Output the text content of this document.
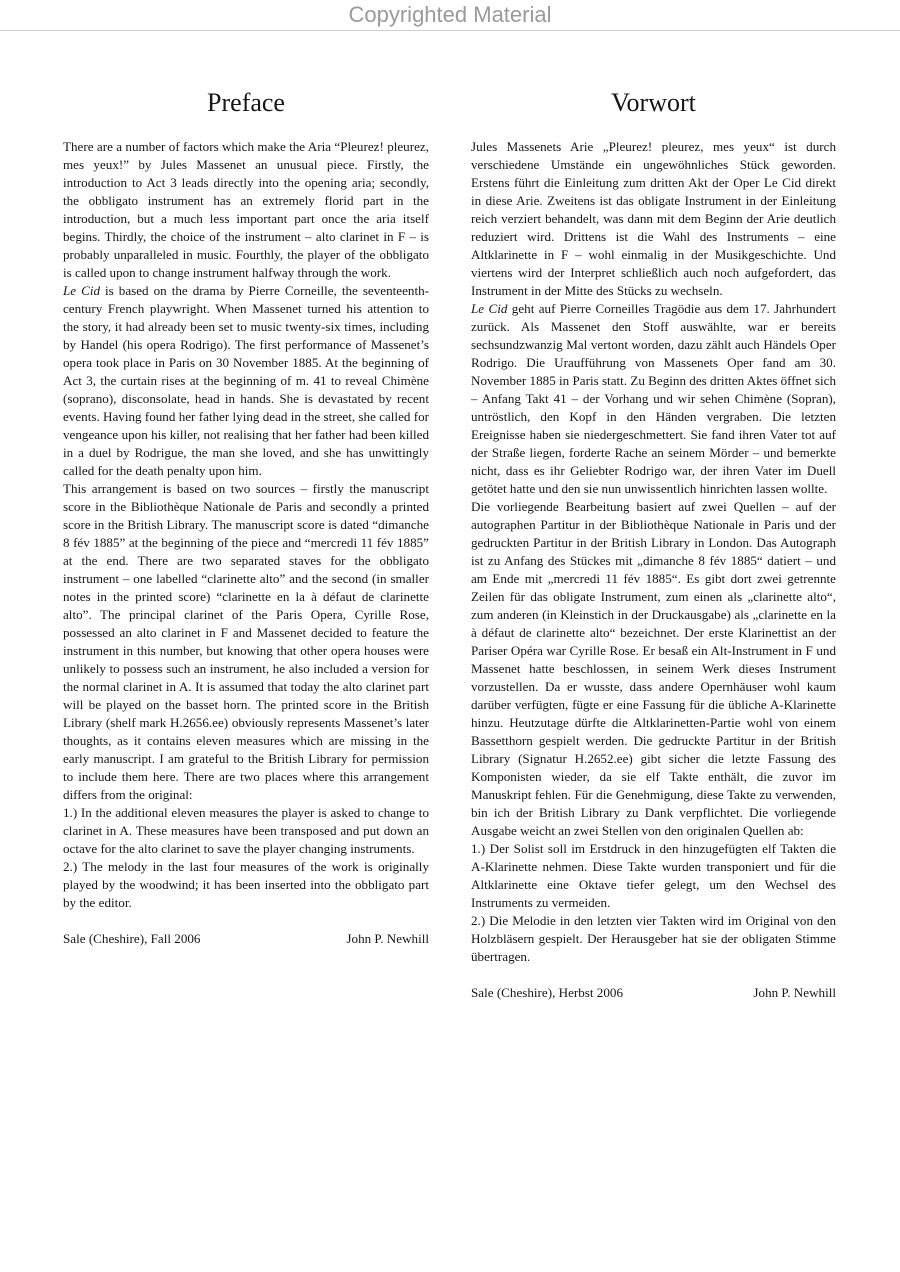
Copyrighted Material
Preface

There are a number of factors which make the Aria “Pleurez! pleurez, mes yeux!” by Jules Massenet an unusual piece. Firstly, the introduction to Act 3 leads directly into the opening aria; secondly, the obbligato instrument has an extremely florid part in the introduction, but a much less important part once the aria itself begins. Thirdly, the choice of the instrument – alto clarinet in F – is probably unparalleled in music. Fourthly, the player of the obbligato is called upon to change instrument halfway through the work.

Le Cid is based on the drama by Pierre Corneille, the seventeenth-century French playwright. When Massenet turned his attention to the story, it had already been set to music twenty-six times, including by Handel (his opera Rodrigo). The first performance of Massenet’s opera took place in Paris on 30 November 1885. At the beginning of Act 3, the curtain rises at the beginning of m. 41 to reveal Chimène (soprano), disconsolate, head in hands. She is devastated by recent events. Having found her father lying dead in the street, she called for vengeance upon his killer, not realising that her father had been killed in a duel by Rodrigue, the man she loved, and she has unwittingly called for the death penalty upon him.

This arrangement is based on two sources – firstly the manuscript score in the Bibliothèque Nationale de Paris and secondly a printed score in the British Library. The manuscript score is dated “dimanche 8 fév 1885” at the beginning of the piece and “mercredi 11 fév 1885” at the end. There are two separated staves for the obbligato instrument – one labelled “clarinette alto” and the second (in smaller notes in the printed score) “clarinette en la à défaut de clarinette alto”. The principal clarinet of the Paris Opera, Cyrille Rose, possessed an alto clarinet in F and Massenet decided to feature the instrument in this number, but knowing that other opera houses were unlikely to possess such an instrument, he also included a version for the normal clarinet in A. It is assumed that today the alto clarinet part will be played on the basset horn. The printed score in the British Library (shelf mark H.2656.ee) obviously represents Massenet’s later thoughts, as it contains eleven measures which are missing in the early manuscript. I am grateful to the British Library for permission to include them here. There are two places where this arrangement differs from the original:

1.) In the additional eleven measures the player is asked to change to clarinet in A. These measures have been transposed and put down an octave for the alto clarinet to save the player changing instruments.

2.) The melody in the last four measures of the work is originally played by the woodwind; it has been inserted into the obbligato part by the editor.

Sale (Cheshire), Fall 2006	John P. Newhill
Vorwort

Jules Massenets Arie „Pleurez! pleurez, mes yeux“ ist durch verschiedene Umstände ein ungewöhnliches Stück geworden. Erstens führt die Einleitung zum dritten Akt der Oper Le Cid direkt in diese Arie. Zweitens ist das obligate Instrument in der Einleitung reich verziert behandelt, was dann mit dem Beginn der Arie deutlich reduziert wird. Drittens ist die Wahl des Instruments – eine Altklarinette in F – wohl einmalig in der Musikgeschichte. Und viertens wird der Interpret schließlich auch noch aufgefordert, das Instrument in der Mitte des Stücks zu wechseln.

Le Cid geht auf Pierre Corneilles Tragödie aus dem 17. Jahrhundert zurück. Als Massenet den Stoff auswählte, war er bereits sechsundzwanzig Mal vertont worden, dazu zählt auch Händels Oper Rodrigo. Die Uraufführung von Massenets Oper fand am 30. November 1885 in Paris statt. Zu Beginn des dritten Aktes öffnet sich – Anfang Takt 41 – der Vorhang und wir sehen Chimène (Sopran), untröstlich, den Kopf in den Händen vergraben. Die letzten Ereignisse haben sie niedergeschmettert. Sie fand ihren Vater tot auf der Straße liegen, forderte Rache an seinem Mörder – und bemerkte nicht, dass es ihr Geliebter Rodrigo war, der ihren Vater im Duell getötet hatte und den sie nun unwissentlich hinrichten lassen wollte.

Die vorliegende Bearbeitung basiert auf zwei Quellen – auf der autographen Partitur in der Bibliothèque Nationale in Paris und der gedruckten Partitur in der British Library in London. Das Autograph ist zu Anfang des Stückes mit „dimanche 8 fév 1885“ datiert – und am Ende mit „mercredi 11 fév 1885“. Es gibt dort zwei getrennte Zeilen für das obligate Instrument, zum einen als „clarinette alto“, zum anderen (in Kleinstich in der Druckausgabe) als „clarinette en la à défaut de clarinette alto“ bezeichnet. Der erste Klarinettist an der Pariser Opéra war Cyrille Rose. Er besaß ein Alt-Instrument in F und Massenet hatte beschlossen, in seinem Werk dieses Instrument vorzustellen. Da er wusste, dass andere Opernhäuser wohl kaum darüber verfügten, fügte er eine Fassung für die übliche A-Klarinette hinzu. Heutzutage dürfte die Altklarinetten-Partie wohl von einem Bassetthorn gespielt werden. Die gedruckte Partitur in der British Library (Signatur H.2652.ee) gibt sicher die letzte Fassung des Komponisten wieder, da sie elf Takte enthält, die zuvor im Manuskript fehlen. Für die Genehmigung, diese Takte zu verwenden, bin ich der British Library zu Dank verpflichtet. Die vorliegende Ausgabe weicht an zwei Stellen von den originalen Quellen ab:

1.) Der Solist soll im Erstdruck in den hinzugefügten elf Takten die A-Klarinette nehmen. Diese Takte wurden transponiert und für die Altklarinette eine Oktave tiefer gelegt, um den Wechsel des Instruments zu vermeiden.

2.) Die Melodie in den letzten vier Takten wird im Original von den Holzbläsern gespielt. Der Herausgeber hat sie der obligaten Stimme übertragen.

Sale (Cheshire), Herbst 2006	John P. Newhill
